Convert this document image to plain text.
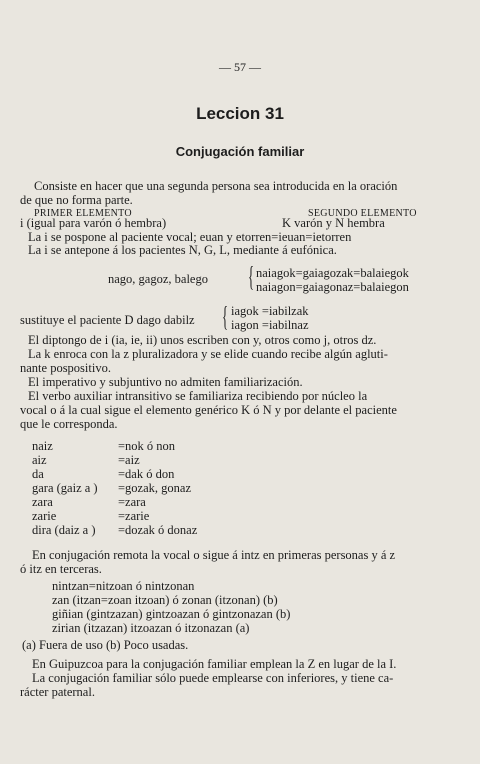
— 57 —
Leccion 31
Conjugación familiar
Consiste en hacer que una segunda persona sea introducida en la oración
de que no forma parte.
PRIMER ELEMENTO	SEGUNDO ELEMENTO
i (igual para varón ó hembra)	K varón y N hembra
La i se pospone al paciente vocal; euan y etorren=ieuan=ietorren
La i se antepone á los pacientes N, G, L, mediante á eufónica.
nago, gagoz, balego { naiagok=gaiagozak=balaiegok
naiagon=gaiagonaz=balaiegon
sustituye el paciente D dago dabilz { iagok =iabilzak
iagon =iabilnaz
El diptongo de i (ia, ie, ii) unos escriben con y, otros como j, otros dz.
La k enroca con la z pluralizadora y se elide cuando recibe algún agluti-
nante pospositivo.
El imperativo y subjuntivo no admiten familiarización.
El verbo auxiliar intransitivo se familiariza recibiendo por núcleo la
vocal o á la cual sigue el elemento genérico K ó N y por delante el paciente
que le corresponda.
naiz	=nok ó non
aiz	=aiz
da	=dak ó don
gara (gaiz a ) =gozak, gonaz
zara	=zara
zarie	=zarie
dira (daiz a ) =dozak ó donaz
En conjugación remota la vocal o sigue á intz en primeras personas y á z
ó itz en terceras.
nintzan=nitzoan ó nintzonan
zan (itzan=zoan itzoan) ó zonan (itzonan) (b)
giñian (gintzazan) gintzoazan ó gintzonazan (b)
zirian (itzazan) itzoazan ó itzonazan (a)
(a) Fuera de uso (b) Poco usadas.
En Guipuzcoa para la conjugación familiar emplean la Z en lugar de la I.
La conjugación familiar sólo puede emplearse con inferiores, y tiene ca-
rácter paternal.
